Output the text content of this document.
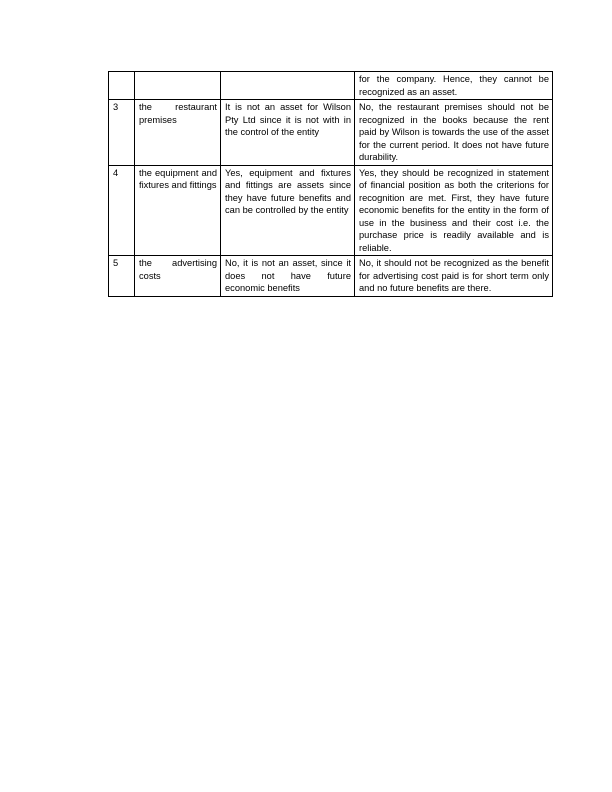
			for the company. Hence, they cannot be recognized as an asset.
3	the restaurant premises	It is not an asset for Wilson Pty Ltd since it is not with in the control of the entity	No, the restaurant premises should not be recognized in the books because the rent paid by Wilson is towards the use of the asset for the current period. It does not have future durability.
4	the equipment and fixtures and fittings	Yes, equipment and fixtures and fittings are assets since they have future benefits and can be controlled by the entity	Yes, they should be recognized in statement of financial position as both the criterions for recognition are met. First, they have future economic benefits for the entity in the form of use in the business and their cost i.e. the purchase price is readily available and is reliable.
5	the advertising costs	No, it is not an asset, since it does not have future economic benefits	No, it should not be recognized as the benefit for advertising cost paid is for short term only and no future benefits are there.
